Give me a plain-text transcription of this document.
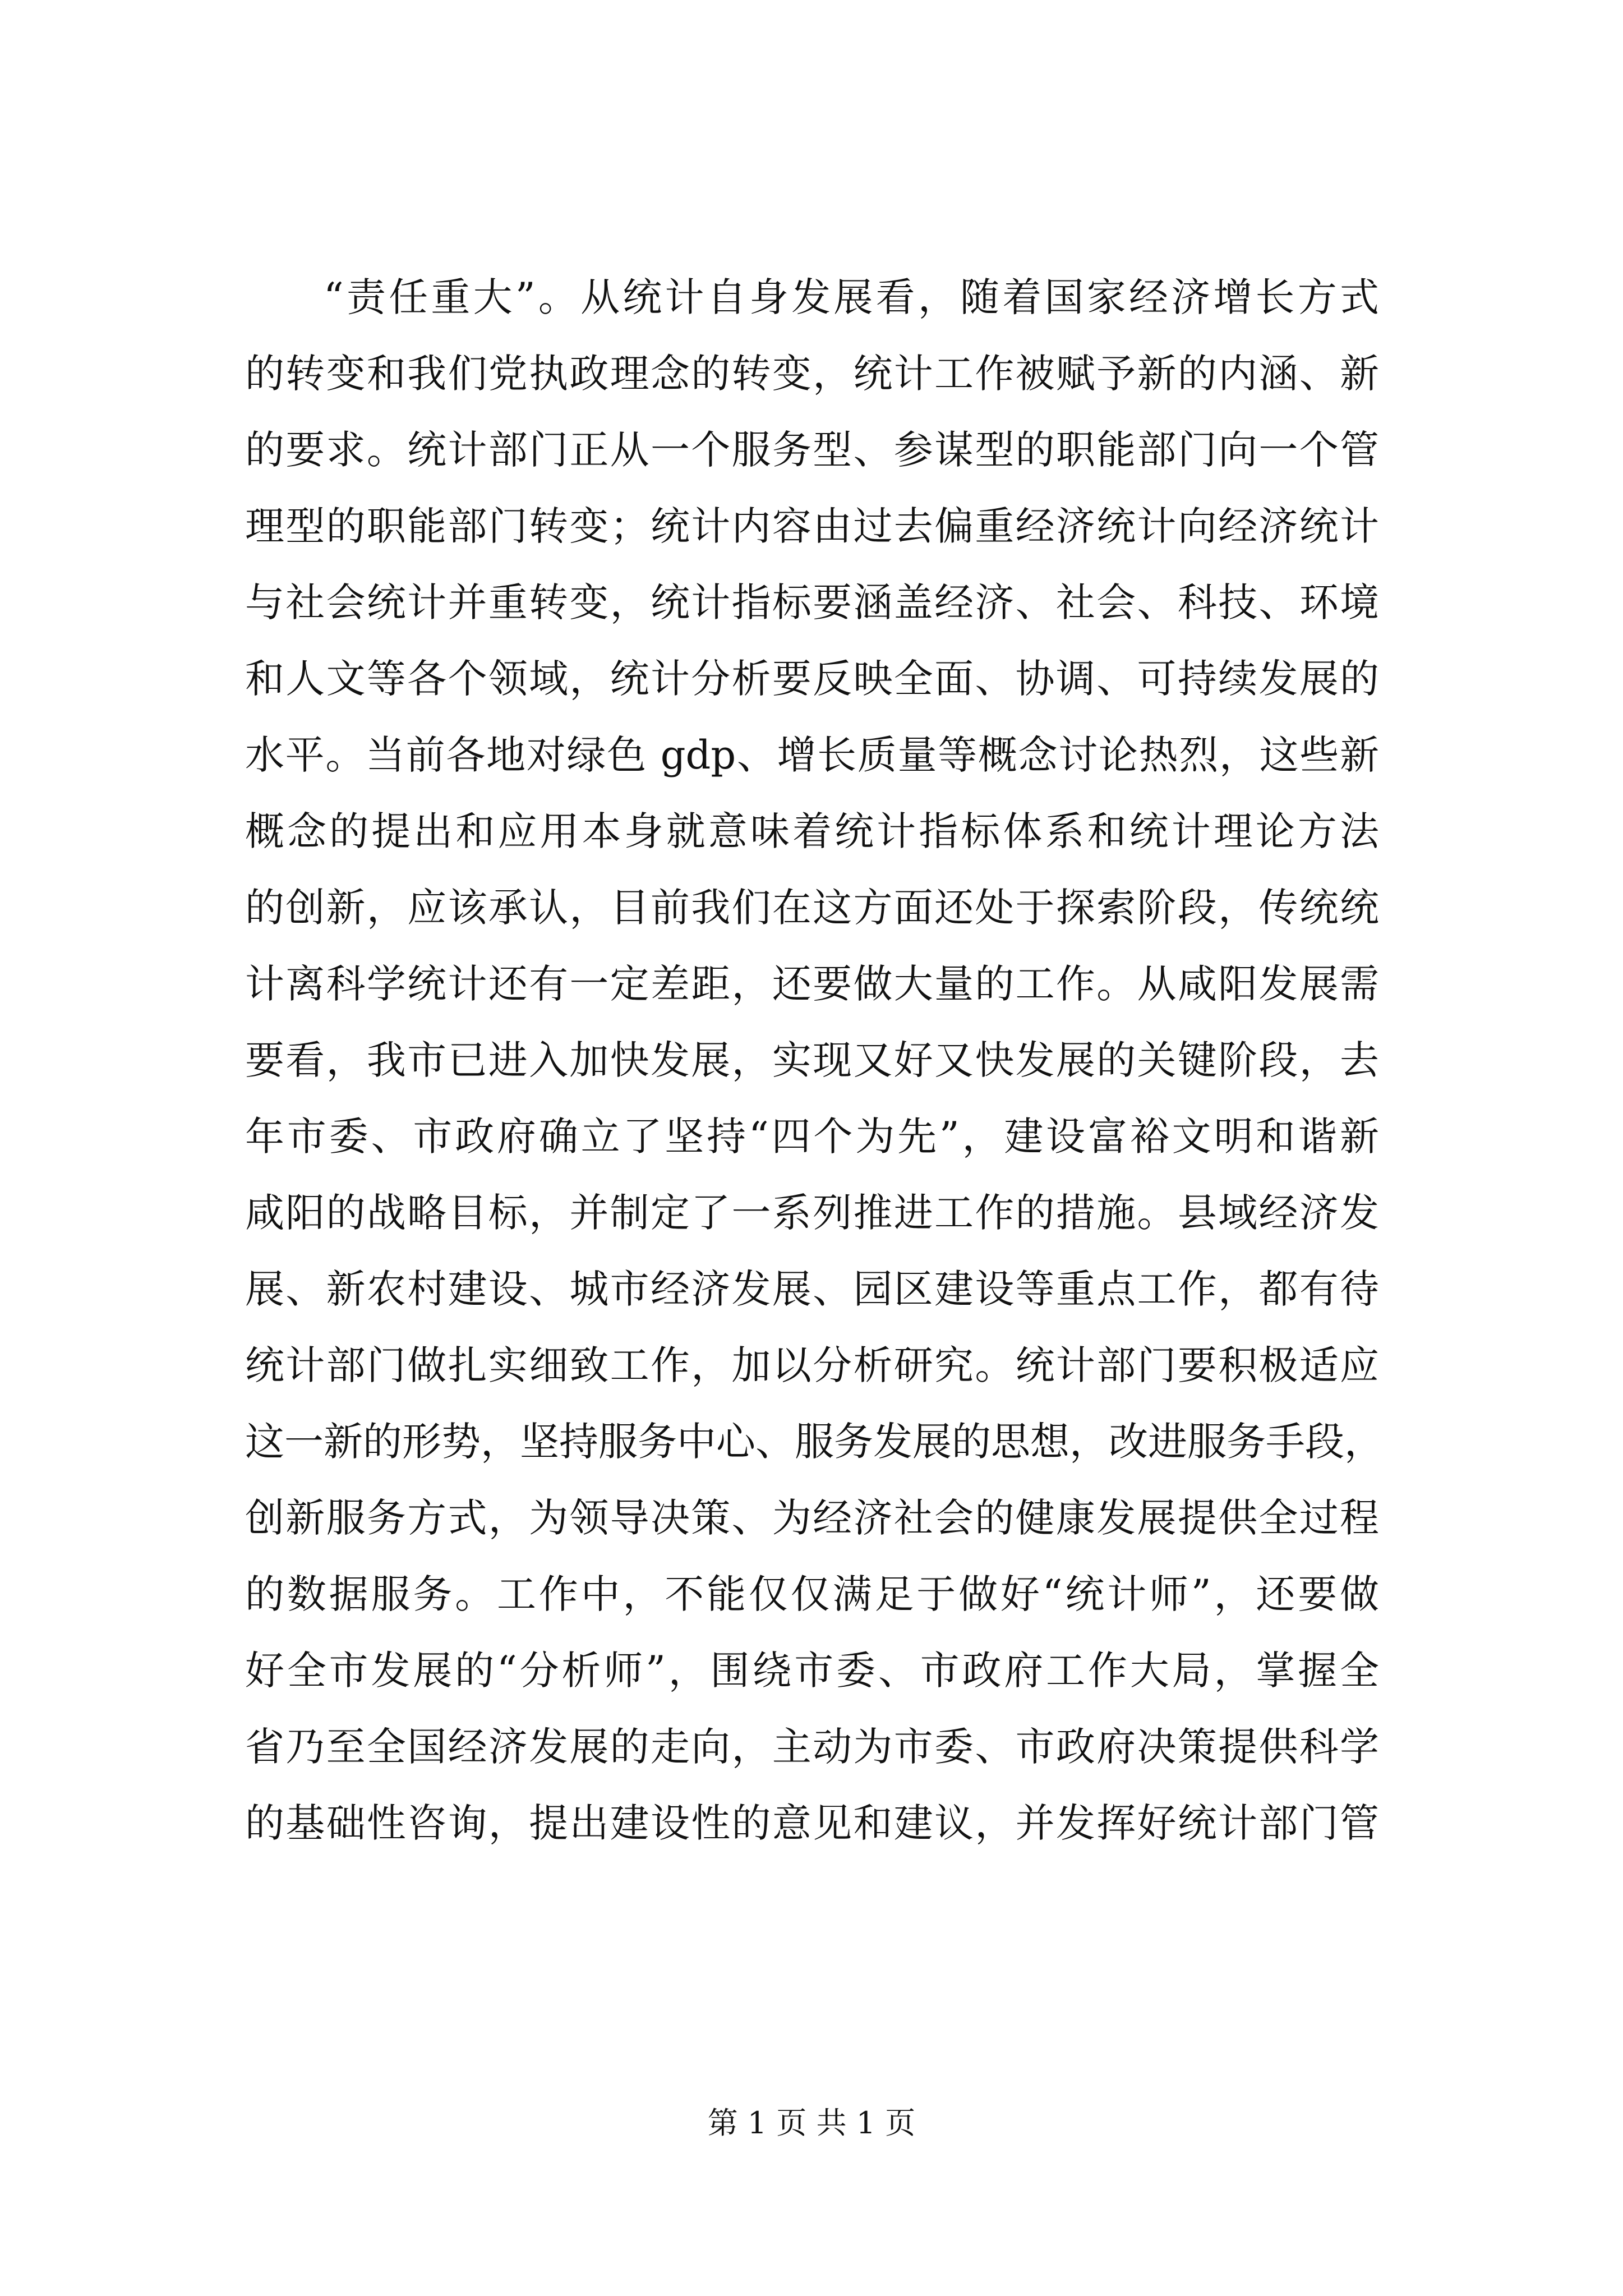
“责任重大”。从统计自身发展看，随着国家经济增长方式
的转变和我们党执政理念的转变，统计工作被赋予新的内涵、新
的要求。统计部门正从一个服务型、参谋型的职能部门向一个管
理型的职能部门转变；统计内容由过去偏重经济统计向经济统计
与社会统计并重转变，统计指标要涵盖经济、社会、科技、环境
和人文等各个领域，统计分析要反映全面、协调、可持续发展的
水平。当前各地对绿色 gdp、增长质量等概念讨论热烈，这些新
概念的提出和应用本身就意味着统计指标体系和统计理论方法
的创新，应该承认，目前我们在这方面还处于探索阶段，传统统
计离科学统计还有一定差距，还要做大量的工作。从咸阳发展需
要看，我市已进入加快发展，实现又好又快发展的关键阶段，去
年市委、市政府确立了坚持“四个为先”，建设富裕文明和谐新
咸阳的战略目标，并制定了一系列推进工作的措施。县域经济发
展、新农村建设、城市经济发展、园区建设等重点工作，都有待
统计部门做扎实细致工作，加以分析研究。统计部门要积极适应
这一新的形势，坚持服务中心、服务发展的思想，改进服务手段，
创新服务方式，为领导决策、为经济社会的健康发展提供全过程
的数据服务。工作中，不能仅仅满足于做好“统计师”，还要做
好全市发展的“分析师”，围绕市委、市政府工作大局，掌握全
省乃至全国经济发展的走向，主动为市委、市政府决策提供科学
的基础性咨询，提出建设性的意见和建议，并发挥好统计部门管
第 1 页 共 1 页
